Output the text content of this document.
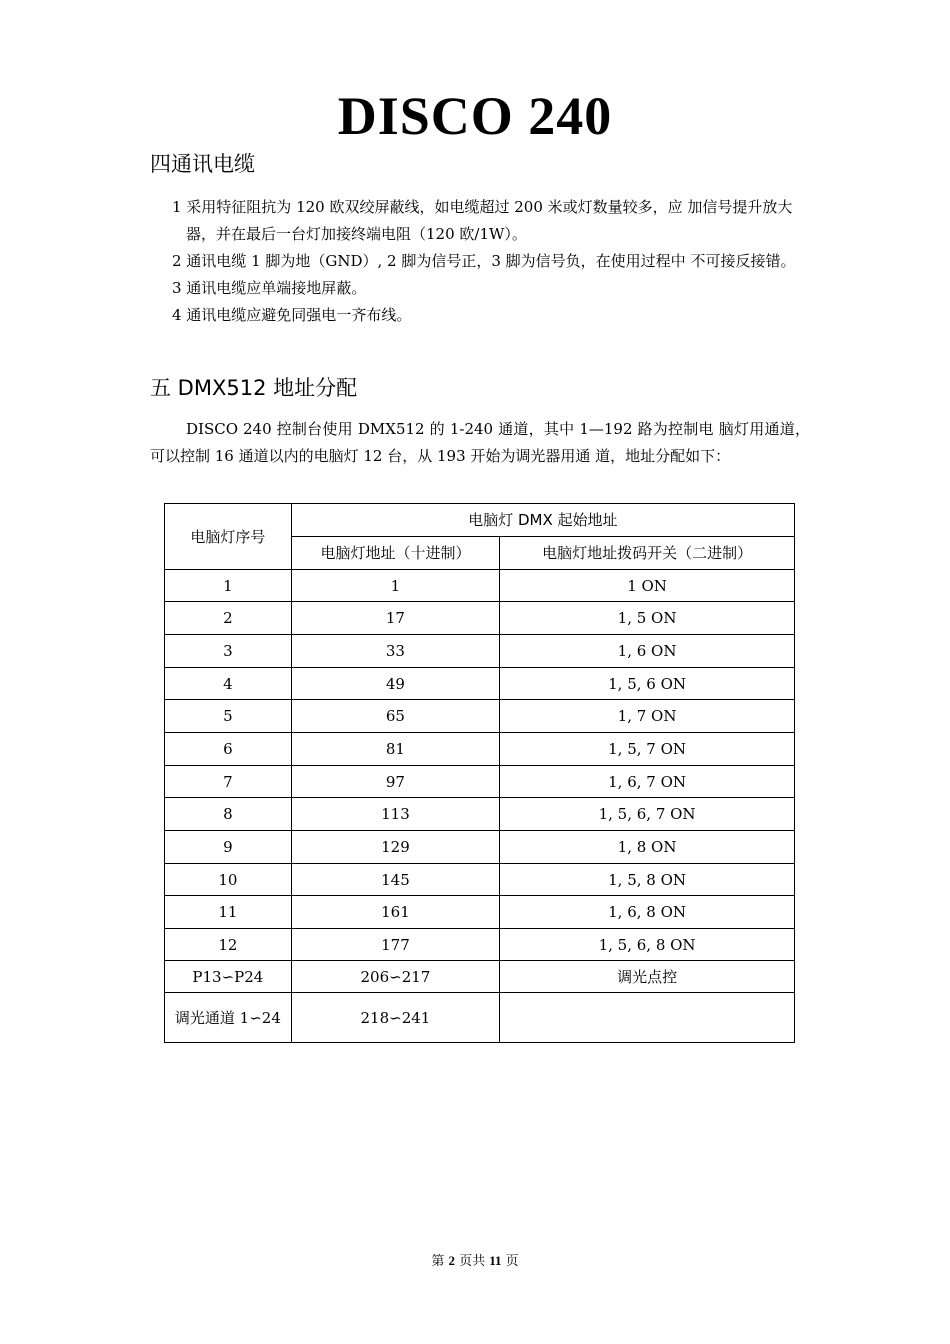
DISCO 240
四通讯电缆
1 采用特征阻抗为 120 欧双绞屏蔽线，如电缆超过 200 米或灯数量较多，应 加信号提升放大器，并在最后一台灯加接终端电阻（120 欧/1W）。
2 通讯电缆 1 脚为地（GND）, 2 脚为信号正，3 脚为信号负，在使用过程中 不可接反接错。
3 通讯电缆应单端接地屏蔽。
4 通讯电缆应避免同强电一齐布线。
五 DMX512 地址分配
DISCO 240 控制台使用 DMX512 的 1-240 通道，其中 1—192 路为控制电 脑灯用通道，可以控制 16 通道以内的电脑灯 12 台，从 193 开始为调光器用通 道，地址分配如下：
电脑灯序号	电脑灯 DMX 起始地址	
	电脑灯地址（十进制）	电脑灯地址拨码开关（二进制）
1	1	1 ON
2	17	1, 5 ON
3	33	1, 6 ON
4	49	1, 5, 6 ON
5	65	1, 7 ON
6	81	1, 5, 7 ON
7	97	1, 6, 7 ON
8	113	1, 5, 6, 7 ON
9	129	1, 8 ON
10	145	1, 5, 8 ON
11	161	1, 6, 8 ON
12	177	1, 5, 6, 8 ON
P13∽P24	206∽217	调光点控
调光通道 1∽24	218∽241	
第 2 页共 11 页
